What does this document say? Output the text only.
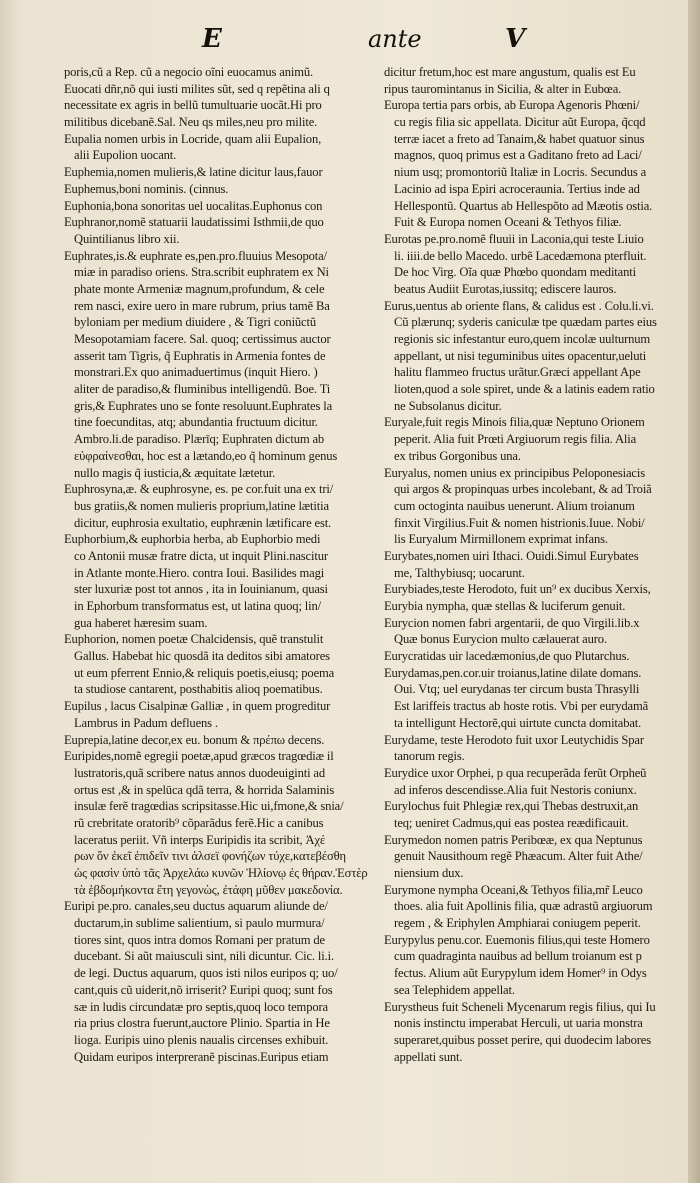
E	ante	V
poris,cũ a Rep. cũ a negocio oĩni euocamus animũ.
Euocati dñr,nõ qui iusti milites sũt, sed q repẽtina ali q
necessitate ex agris in bellũ tumultuarie uocãt.Hi pro
militibus dicebanẽ.Sal. Neu qs miles,neu pro milite.
Eupalia nomen urbis in Locride, quam alii Eupalion,
alii Eupolion uocant.
Euphemia,nomen mulieris,& latine dicitur laus,fauor
Euphemus,boni nominis. (cinnus.
Euphonia,bona sonoritas uel uocalitas.Euphonus con
Euphranor,nomẽ statuarii laudatissimi Isthmii,de quo
Quintilianus libro xii.
Euphrates,is.& euphrate es,pen.pro.fluuius Mesopota/
miæ in paradiso oriens. Stra.scribit euphratem ex Ni
phate monte Armeniæ magnum,profundum, & cele
rem nasci, exire uero in mare rubrum, prius tamẽ Ba
byloniam per medium diuidere , & Tigri coniũctũ
Mesopotamiam facere. Sal. quoq; certissimus auctor
asserit tam Tigris, q̃ Euphratis in Armenia fontes de
monstrari.Ex quo animaduertimus (inquit Hiero. )
aliter de paradiso,& fluminibus intelligendũ. Boe. Ti
gris,& Euphrates uno se fonte resoluunt.Euphrates la
tine foecunditas, atq; abundantia fructuum dicitur.
Ambro.li.de paradiso. Plærīq; Euphraten dictum ab
εὐφραίνεσθαι, hoc est a lætando,eo q̃ hominum genus
nullo magis q̃ iusticia,& æquitate lætetur.
Euphrosyna,æ. & euphrosyne, es. pe cor.fuit una ex tri/
bus gratiis,& nomen mulieris proprium,latine lætitia
dicitur, euphrosia exultatio, euphrænin lætificare est.
Euphorbium,& euphorbia herba, ab Euphorbio medi
co Antonii musæ fratre dicta, ut inquit Plini.nascitur
in Atlante monte.Hiero. contra Ioui. Basilides magi
ster luxuriæ post tot annos , ita in Iouinianum, quasi
in Ephorbum transformatus est, ut latina quoq; lin/
gua haberet hæresim suam.
Euphorion, nomen poetæ Chalcidensis, quẽ transtulit
Gallus. Habebat hic quosdã ita deditos sibi amatores
ut eum pferrent Ennio,& reliquis poetis,eiusq; poema
ta studiose cantarent, posthabitis alioq poematibus.
Eupilus , lacus Cisalpinæ Galliæ , in quem progreditur
Lambrus in Padum defluens .
Euprepia,latine decor,ex eu. bonum & πρέπω decens.
Euripides,nomẽ egregii poetæ,apud græcos tragœdiæ il
lustratoris,quã scribere natus annos duodeuiginti ad
ortus est ,& in spelūca qdã terra, & horrida Salaminis
insulæ ferẽ tragœdias scripsitasse.Hic ui,fmone,& snia/
rũ crebritate oratorib⁹ cõparãdus ferẽ.Hic a canibus
laceratus periit. Vñ interps Euripidis ita scribit, Ἀχέ
ρων ὅν ἐκεῖ ἐπιδεῖν τινι ἀλσεϊ φονήζων τύχε,κατεβέσθη
ὡς φασὶν ὑπὸ τᾶς Ἀρχελάω κυνῶν Ἠλίονῳ ἐς θήραν.Ἐστὲρ
τὰ ἑβδομήκοντα ἔτη γεγονὼς, ἐτάφη μῦθεν μακεδονία.
Euripi pe.pro. canales,seu ductus aquarum aliunde de/
ductarum,in sublime salientium, si paulo murmura/
tiores sint, quos intra domos Romani per pratum de
ducebant. Si aũt maiusculi sint, nili dicuntur. Cic. li.i.
de legi. Ductus aquarum, quos isti nilos euripos q; uo/
cant,quis cũ uiderit,nõ irriserit? Euripi quoq; sunt fos
sæ in ludis circundatæ pro septis,quoq loco tempora
ria prius clostra fuerunt,auctore Plinio. Spartia in He
lioga. Euripis uino plenis naualis circenses exhibuit.
Quidam euripos interpreranẽ piscinas.Euripus etiam
dicitur fretum,hoc est mare angustum, qualis est Eu
ripus tauromintanus in Sicilia, & alter in Eubœa.
Europa tertia pars orbis, ab Europa Agenoris Phœni/
cu regis filia sic appellata. Dicitur aũt Europa, q̃cqd
terræ iacet a freto ad Tanaim,& habet quatuor sinus
magnos, quoq primus est a Gaditano freto ad Laci/
nium usq; promontoriũ Italiæ in Locris. Secundus a
Lacinio ad ispa Epiri acroceraunia. Tertius inde ad
Hellespontũ. Quartus ab Hellespõto ad Mæotis ostia.
Fuit & Europa nomen Oceani & Tethyos filiæ.
Eurotas pe.pro.nomẽ fluuii in Laconia,qui teste Liuio
li. iiii.de bello Macedo. urbẽ Lacedæmona pterfluit.
De hoc Virg. Oĩa quæ Phœbo quondam meditanti
beatus Audiit Eurotas,iussitq; ediscere lauros.
Eurus,uentus ab oriente flans, & calidus est . Colu.li.vi.
Cũ plærunq; syderis caniculæ tpe quædam partes eius
regionis sic infestantur euro,quem incolæ uulturnum
appellant, ut nisi teguminibus uites opacentur,ueluti
halitu flammeo fructus urãtur.Græci appellant Ape
lioten,quod a sole spiret, unde & a latinis eadem ratio
ne Subsolanus dicitur.
Euryale,fuit regis Minois filia,quæ Neptuno Orionem
peperit. Alia fuit Prœti Argiuorum regis filia. Alia
ex tribus Gorgonibus una.
Euryalus, nomen unius ex principibus Peloponesiacis
qui argos & propinquas urbes incolebant, & ad Troiã
cum octoginta nauibus uenerunt. Alium troianum
finxit Virgilius.Fuit & nomen histrionis.Iuue. Nobi/
lis Euryalum Mirmillonem exprimat infans.
Eurybates,nomen uiri Ithaci. Ouidi.Simul Eurybates
me, Talthybiusq; uocarunt.
Eurybiades,teste Herodoto, fuit un⁹ ex ducibus Xerxis,
Eurybia nympha, quæ stellas & luciferum genuit.
Eurycion nomen fabri argentarii, de quo Virgili.lib.x
Quæ bonus Eurycion multo cælauerat auro.
Eurycratidas uir lacedæmonius,de quo Plutarchus.
Eurydamas,pen.cor.uir troianus,latine dilate domans.
Oui. Vtq; uel eurydanas ter circum busta Thrasylli
Est lariffeis tractus ab hoste rotis. Vbi per eurydamã
ta intelligunt Hectorẽ,qui uirtute cuncta domitabat.
Eurydame, teste Herodoto fuit uxor Leutychidis Spar
tanorum regis.
Eurydice uxor Orphei, p qua recuperãda ferũt Orpheũ
ad inferos descendisse.Alia fuit Nestoris coniunx.
Eurylochus fuit Phlegiæ rex,qui Thebas destruxit,an
teq; ueniret Cadmus,qui eas postea reædificauit.
Eurymedon nomen patris Peribœæ, ex qua Neptunus
genuit Nausithoum regẽ Phæacum. Alter fuit Athe/
niensium dux.
Eurymone nympha Oceani,& Tethyos filia,mr̃ Leuco
thoes. alia fuit Apollinis filia, quæ adrastũ argiuorum
regem , & Eriphylen Amphiarai coniugem peperit.
Eurypylus penu.cor. Euemonis filius,qui teste Homero
cum quadraginta nauibus ad bellum troianum est p
fectus. Alium aũt Eurypylum idem Homer⁹ in Odys
sea Telephidem appellat.
Eurystheus fuit Scheneli Mycenarum regis filius, qui Iu
nonis instinctu imperabat Herculi, ut uaria monstra
superaret,quibus posset perire, qui duodecim labores
appellati sunt.
